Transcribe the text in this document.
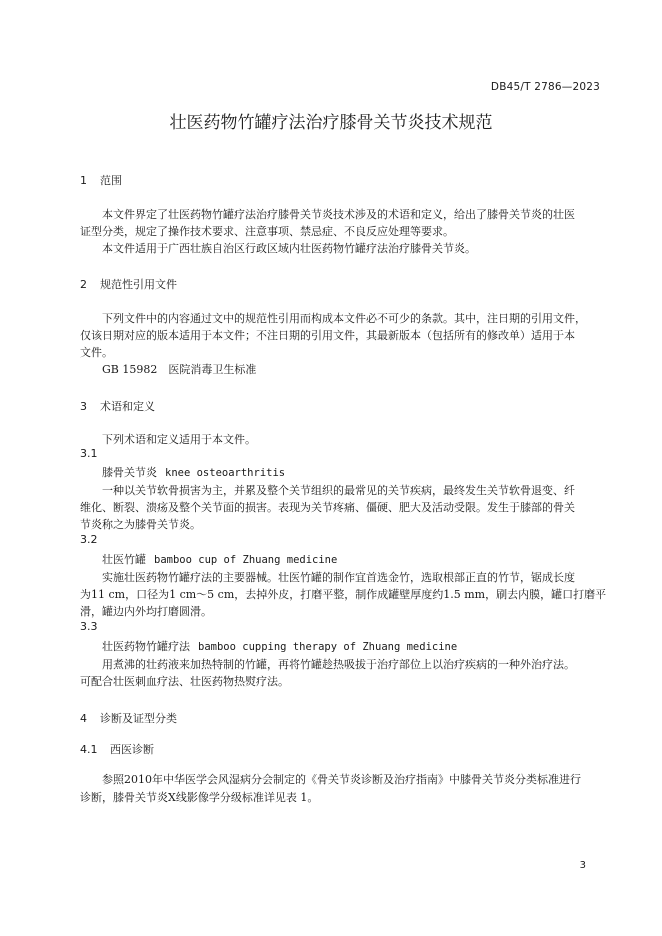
DB45/T 2786—2023
壮医药物竹罐疗法治疗膝骨关节炎技术规范
1 范围
本文件界定了壮医药物竹罐疗法治疗膝骨关节炎技术涉及的术语和定义，给出了膝骨关节炎的壮医
证型分类，规定了操作技术要求、注意事项、禁忌症、不良反应处理等要求。
本文件适用于广西壮族自治区行政区域内壮医药物竹罐疗法治疗膝骨关节炎。
2 规范性引用文件
下列文件中的内容通过文中的规范性引用而构成本文件必不可少的条款。其中，注日期的引用文件，
仅该日期对应的版本适用于本文件；不注日期的引用文件，其最新版本（包括所有的修改单）适用于本
文件。
GB 15982　医院消毒卫生标准
3 术语和定义
下列术语和定义适用于本文件。
3.1
膝骨关节炎 knee osteoarthritis
一种以关节软骨损害为主，并累及整个关节组织的最常见的关节疾病，最终发生关节软骨退变、纤
维化、断裂、溃疡及整个关节面的损害。表现为关节疼痛、僵硬、肥大及活动受限。发生于膝部的骨关
节炎称之为膝骨关节炎。
3.2
壮医竹罐 bamboo cup of Zhuang medicine
实施壮医药物竹罐疗法的主要器械。壮医竹罐的制作宜首选金竹，选取根部正直的竹节，锯成长度
为11 cm，口径为1 cm～5 cm，去掉外皮，打磨平整，制作成罐壁厚度约1.5 mm，刷去内膜，罐口打磨平
滑，罐边内外均打磨圆滑。
3.3
壮医药物竹罐疗法 bamboo cupping therapy of Zhuang medicine
用煮沸的壮药液来加热特制的竹罐，再将竹罐趁热吸拔于治疗部位上以治疗疾病的一种外治疗法。
可配合壮医刺血疗法、壮医药物热熨疗法。
4 诊断及证型分类
4.1 西医诊断
参照2010年中华医学会风湿病分会制定的《骨关节炎诊断及治疗指南》中膝骨关节炎分类标准进行
诊断，膝骨关节炎X线影像学分级标准详见表 1。
3
